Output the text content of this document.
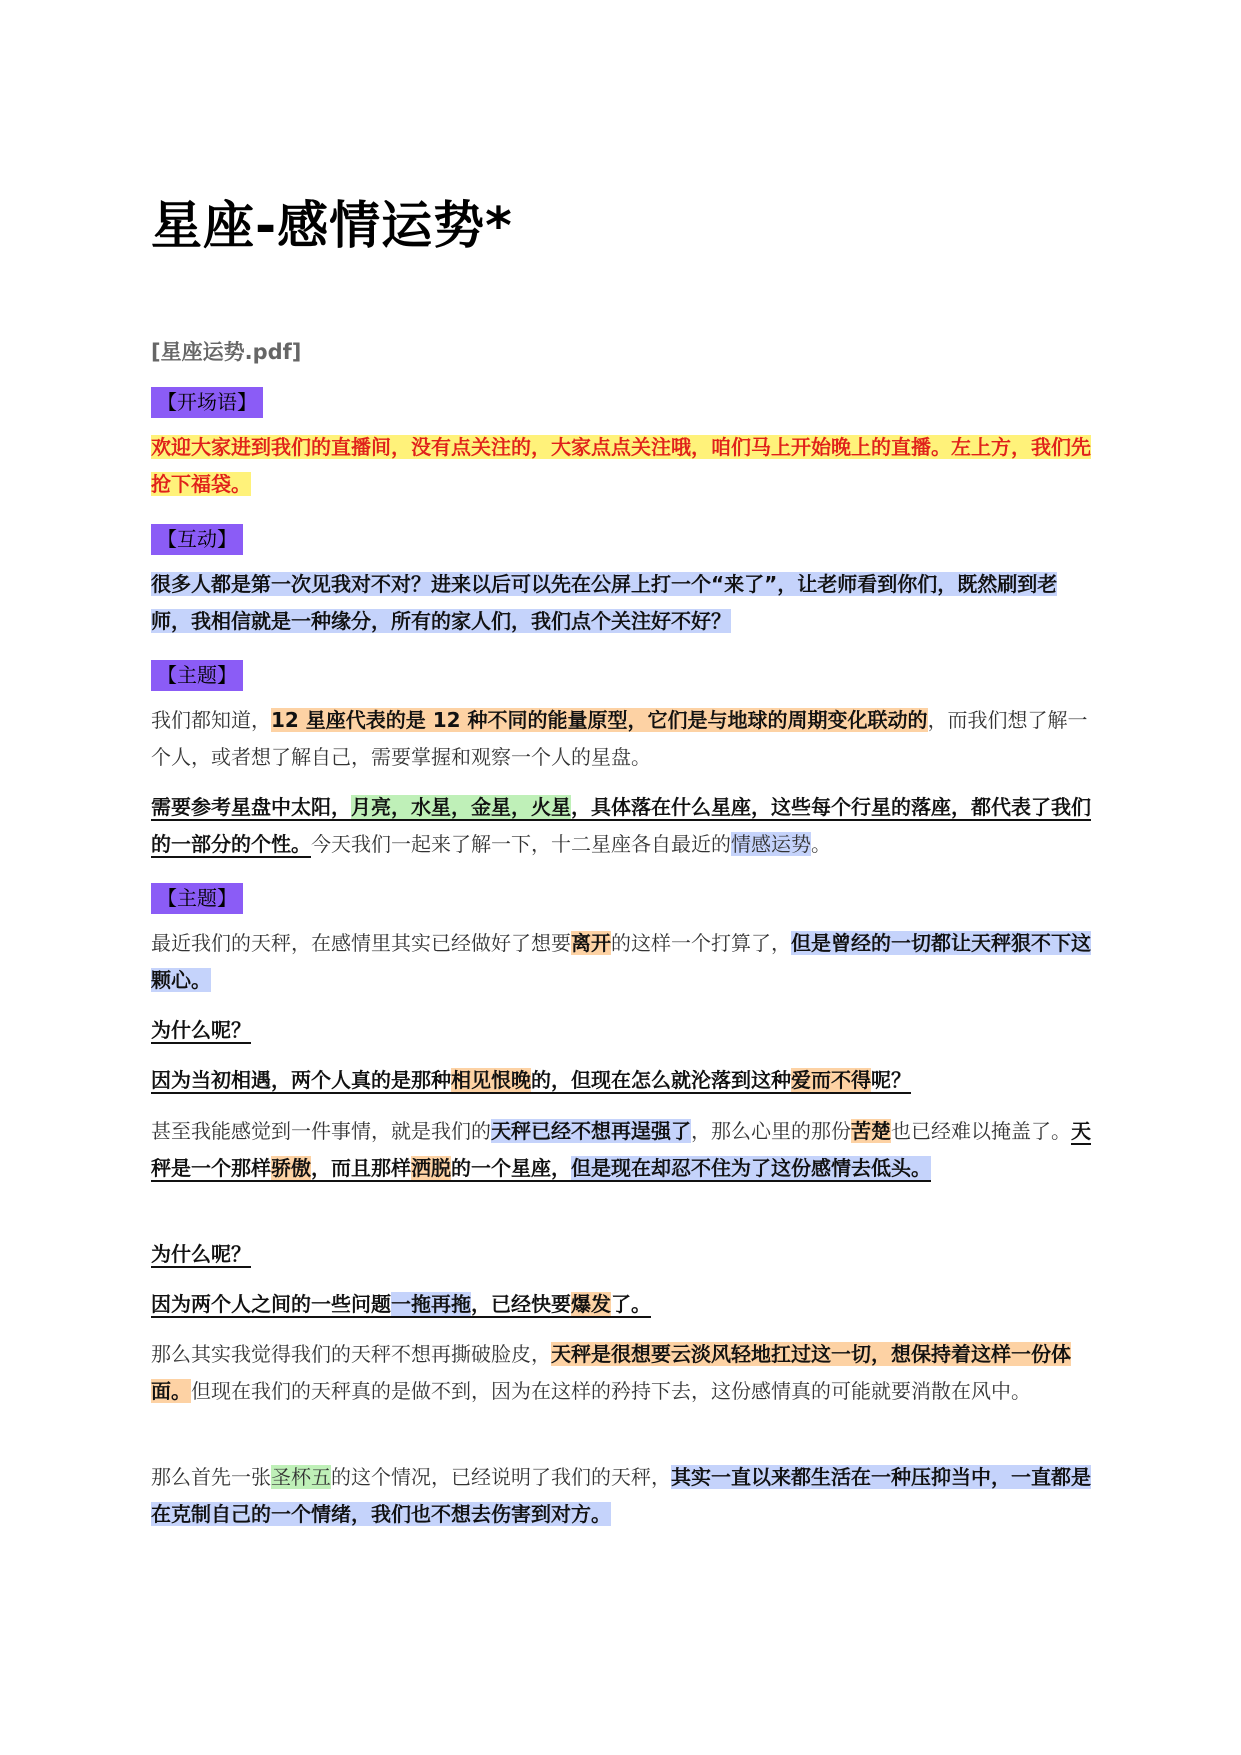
星座-感情运势*

[星座运势.pdf]

【开场语】

欢迎大家进到我们的直播间，没有点关注的，大家点点关注哦，咱们马上开始晚上的直播。左上方，我们先抢下福袋。

【互动】

很多人都是第一次见我对不对？进来以后可以先在公屏上打一个“来了”，让老师看到你们，既然刷到老师，我相信就是一种缘分，所有的家人们，我们点个关注好不好？

【主题】

我们都知道，12 星座代表的是 12 种不同的能量原型，它们是与地球的周期变化联动的，而我们想了解一个人，或者想了解自己，需要掌握和观察一个人的星盘。

需要参考星盘中太阳，月亮，水星，金星，火星，具体落在什么星座，这些每个行星的落座，都代表了我们的一部分的个性。今天我们一起来了解一下，十二星座各自最近的情感运势。

【主题】

最近我们的天秤，在感情里其实已经做好了想要离开的这样一个打算了，但是曾经的一切都让天秤狠不下这颗心。

为什么呢？

因为当初相遇，两个人真的是那种相见恨晚的，但现在怎么就沦落到这种爱而不得呢？

甚至我能感觉到一件事情，就是我们的天秤已经不想再逞强了，那么心里的那份苦楚也已经难以掩盖了。天秤是一个那样骄傲，而且那样洒脱的一个星座，但是现在却忍不住为了这份感情去低头。

为什么呢？

因为两个人之间的一些问题一拖再拖，已经快要爆发了。

那么其实我觉得我们的天秤不想再撕破脸皮，天秤是很想要云淡风轻地扛过这一切，想保持着这样一份体面。但现在我们的天秤真的是做不到，因为在这样的矜持下去，这份感情真的可能就要消散在风中。

那么首先一张圣杯五的这个情况，已经说明了我们的天秤，其实一直以来都生活在一种压抑当中，一直都是在克制自己的一个情绪，我们也不想去伤害到对方。
